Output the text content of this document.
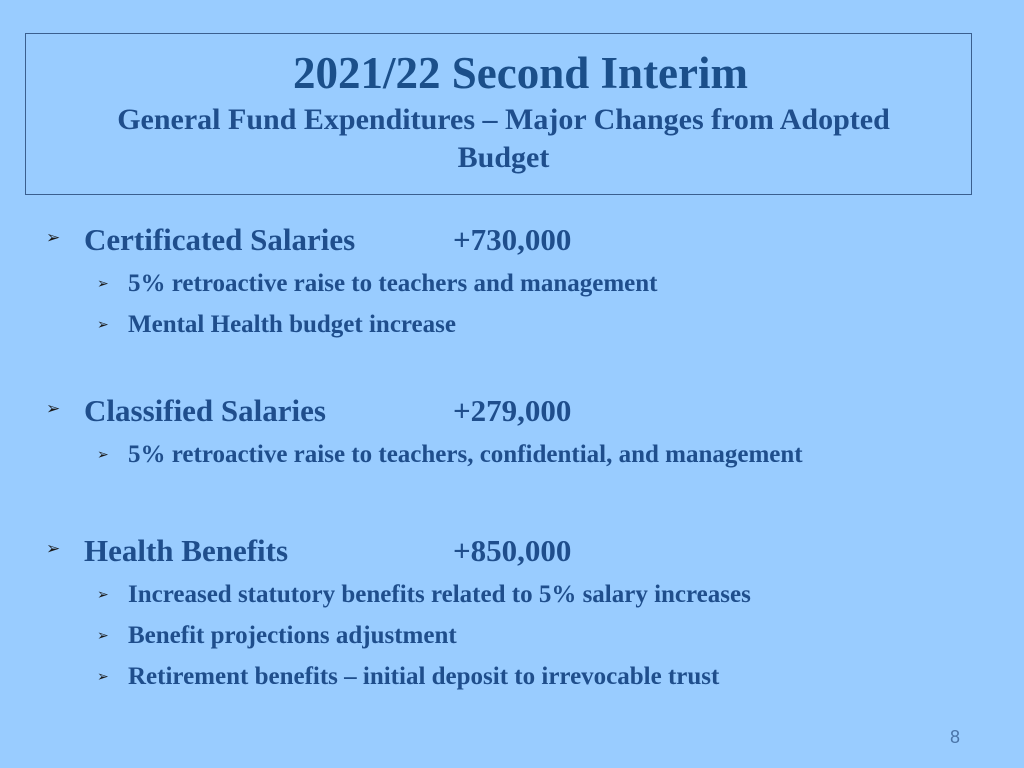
2021/22 Second Interim
General Fund Expenditures – Major Changes from Adopted Budget
➢ Certificated Salaries	+730,000
➢ 5% retroactive raise to teachers and management
➢ Mental Health budget increase
➢ Classified Salaries	+279,000
➢ 5% retroactive raise to teachers, confidential, and management
➢ Health Benefits	+850,000
➢ Increased statutory benefits related to 5% salary increases
➢ Benefit projections adjustment
➢ Retirement benefits – initial deposit to irrevocable trust
8
